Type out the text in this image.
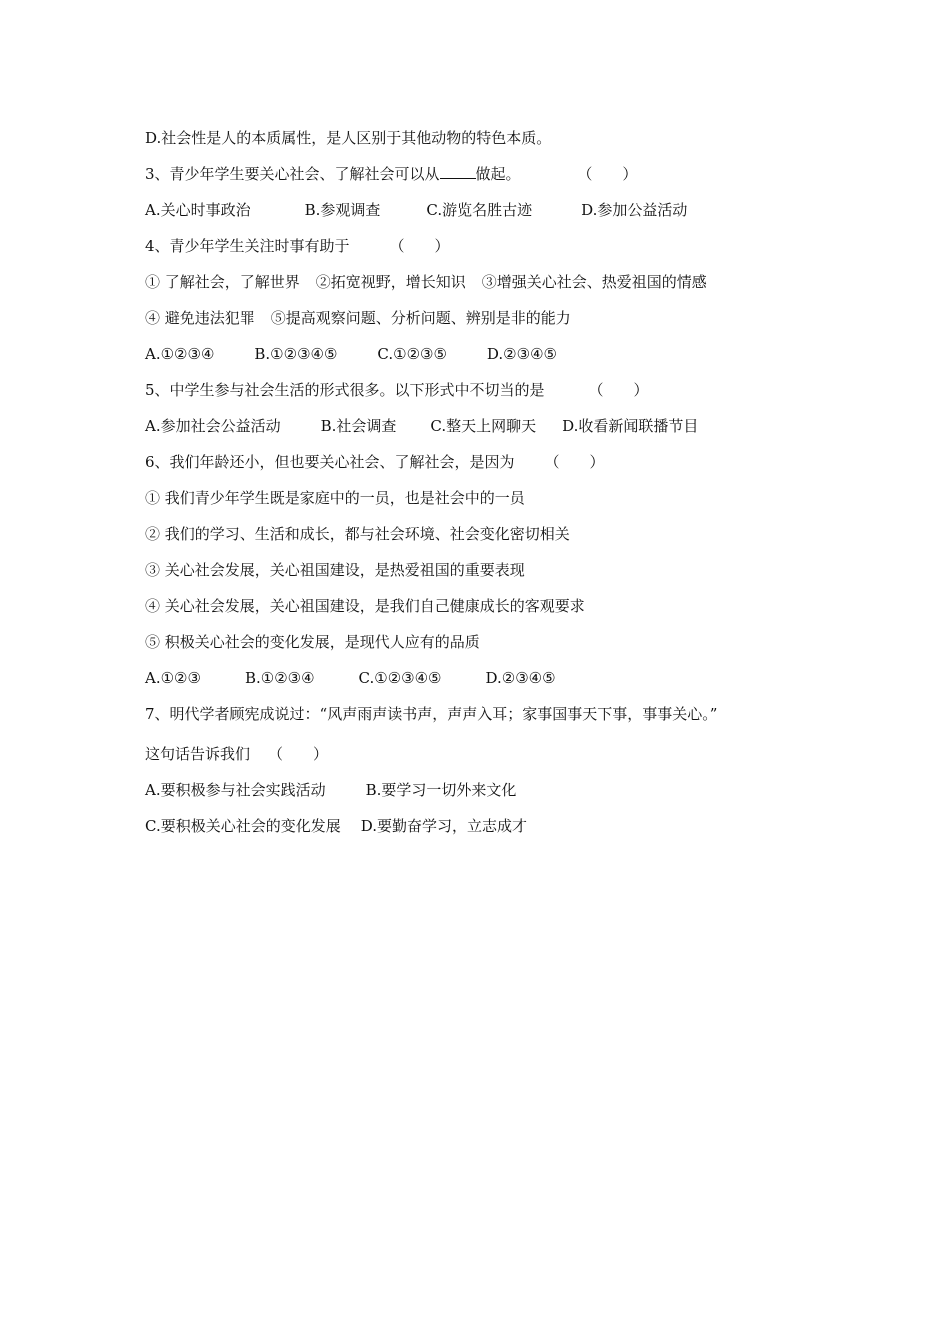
D.社会性是人的本质属性，是人区别于其他动物的特色本质。
3、青少年学生要关心社会、了解社会可以从 做起。	（　　）
A.关心时事政治	B.参观调查	C.游览名胜古迹	D.参加公益活动
4、青少年学生关注时事有助于	（　　）
① 了解社会，了解世界 ②拓宽视野，增长知识 ③增强关心社会、热爱祖国的情感
④ 避免违法犯罪 ⑤提高观察问题、分析问题、辨别是非的能力
A.①②③④	B.①②③④⑤	C.①②③⑤	D.②③④⑤
5、中学生参与社会生活的形式很多。以下形式中不切当的是	（　　）
A.参加社会公益活动	B.社会调查 C.整天上网聊天 D.收看新闻联播节目
6、我们年龄还小，但也要关心社会、了解社会，是因为 （　　）
① 我们青少年学生既是家庭中的一员，也是社会中的一员
② 我们的学习、生活和成长，都与社会环境、社会变化密切相关
③ 关心社会发展，关心祖国建设，是热爱祖国的重要表现
④ 关心社会发展，关心祖国建设，是我们自己健康成长的客观要求
⑤ 积极关心社会的变化发展，是现代人应有的品质
A.①②③	B.①②③④	C.①②③④⑤	D.②③④⑤
7、明代学者顾宪成说过：“风声雨声读书声，声声入耳；家事国事天下事，事事关心。”
这句话告诉我们 （　　）
A.要积极参与社会实践活动	B.要学习一切外来文化
C.要积极关心社会的变化发展 D.要勤奋学习，立志成才
